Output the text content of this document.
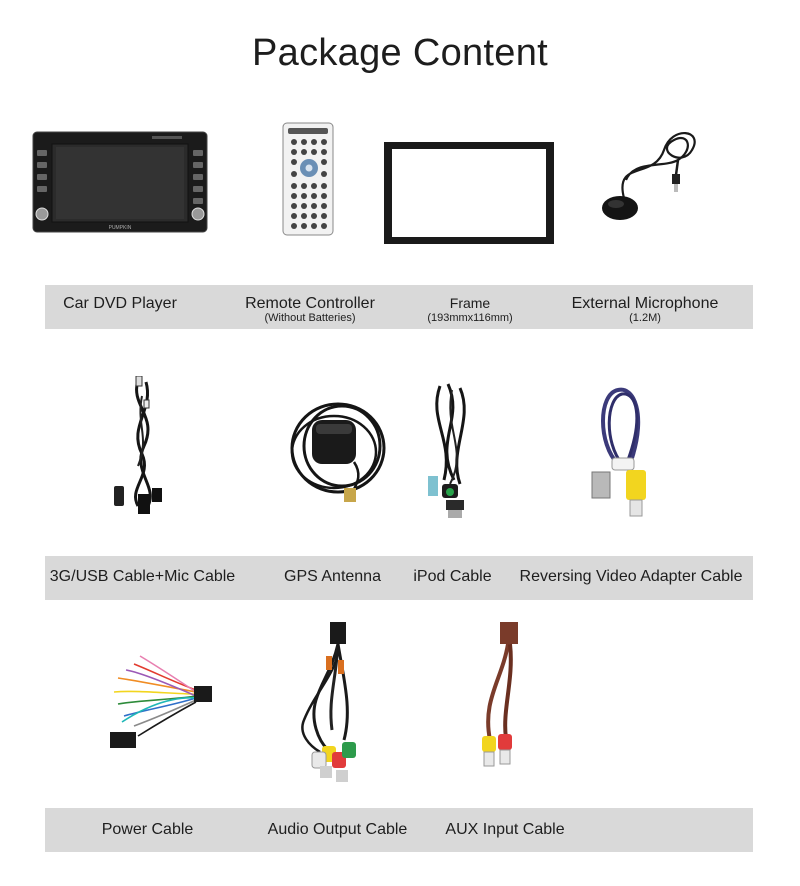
Package Content
PUMPKIN
Car DVD Player	Remote Controller
(Without Batteries)
Frame
(193mmx116mm)
External Microphone
(1.2M)
3G/USB Cable+Mic Cable	GPS Antenna	iPod Cable	Reversing Video Adapter Cable
Power Cable	Audio Output Cable	AUX Input Cable
